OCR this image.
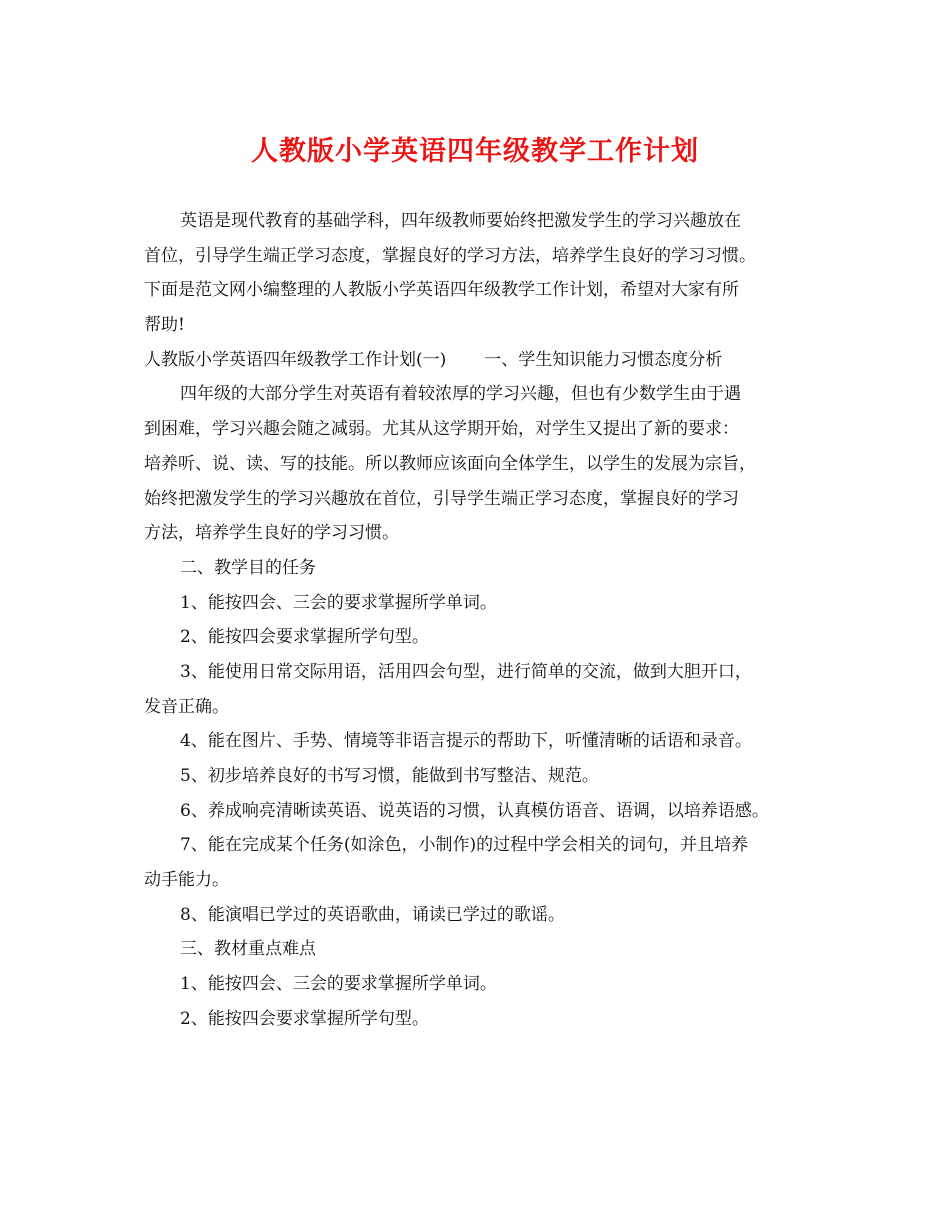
人教版小学英语四年级教学工作计划
英语是现代教育的基础学科，四年级教师要始终把激发学生的学习兴趣放在
首位，引导学生端正学习态度，掌握良好的学习方法，培养学生良好的学习习惯。
下面是范文网小编整理的人教版小学英语四年级教学工作计划，希望对大家有所
帮助!
人教版小学英语四年级教学工作计划(一) 一、学生知识能力习惯态度分析
四年级的大部分学生对英语有着较浓厚的学习兴趣，但也有少数学生由于遇
到困难，学习兴趣会随之减弱。尤其从这学期开始，对学生又提出了新的要求：
培养听、说、读、写的技能。所以教师应该面向全体学生，以学生的发展为宗旨，
始终把激发学生的学习兴趣放在首位，引导学生端正学习态度，掌握良好的学习
方法，培养学生良好的学习习惯。
二、教学目的任务
1、能按四会、三会的要求掌握所学单词。
2、能按四会要求掌握所学句型。
3、能使用日常交际用语，活用四会句型，进行简单的交流，做到大胆开口，
发音正确。
4、能在图片、手势、情境等非语言提示的帮助下，听懂清晰的话语和录音。
5、初步培养良好的书写习惯，能做到书写整洁、规范。
6、养成响亮清晰读英语、说英语的习惯，认真模仿语音、语调，以培养语感。
7、能在完成某个任务(如涂色，小制作)的过程中学会相关的词句，并且培养
动手能力。
8、能演唱已学过的英语歌曲，诵读已学过的歌谣。
三、教材重点难点
1、能按四会、三会的要求掌握所学单词。
2、能按四会要求掌握所学句型。
